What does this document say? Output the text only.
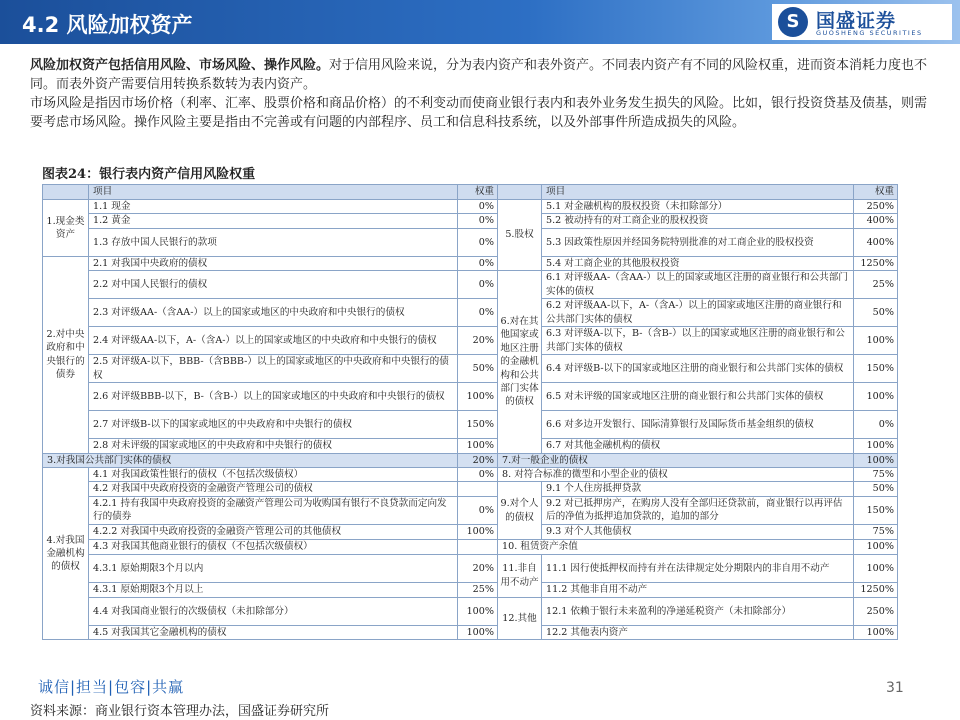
4.2 风险加权资产	S 国盛证券
GUOSHENG SECURITIES

风险加权资产包括信用风险、市场风险、操作风险。对于信用风险来说，分为表内资产和表外资产。不同表内资产有不同的风险权重，进而资本消耗力度也不同。而表外资产需要信用转换系数转为表内资产。

市场风险是指因市场价格（利率、汇率、股票价格和商品价格）的不利变动而使商业银行表内和表外业务发生损失的风险。比如，银行投资贷基及债基，则需要考虑市场风险。操作风险主要是指由不完善或有问题的内部程序、员工和信息科技系统，以及外部事件所造成损失的风险。

图表24：银行表内资产信用风险权重
	项目	权重		项目	权重
1.现金类资产	1.1 现金	0%	5.股权	5.1 对金融机构的股权投资（未扣除部分）	250%
	1.2 黄金	0%		5.2 被动持有的对工商企业的股权投资	400%
	1.3 存放中国人民银行的款项	0%		5.3 因政策性原因并经国务院特别批准的对工商企业的股权投资	400%
2.对中央政府和中央银行的债券	2.1 对我国中央政府的债权	0%		5.4 对工商企业的其他股权投资	1250%
	2.2 对中国人民银行的债权	0%	6.对在其他国家或地区注册的金融机构和公共部门实体的债权	6.1 对评级AA-（含AA-）以上的国家或地区注册的商业银行和公共部门实体的债权	25%
	2.3 对评级AA-（含AA-）以上的国家或地区的中央政府和中央银行的债权	0%		6.2 对评级AA-以下，A-（含A-）以上的国家或地区注册的商业银行和公共部门实体的债权	50%
	2.4 对评级AA-以下，A-（含A-）以上的国家或地区的中央政府和中央银行的债权	20%		6.3 对评级A-以下，B-（含B-）以上的国家或地区注册的商业银行和公共部门实体的债权	100%
	2.5 对评级A-以下，BBB-（含BBB-）以上的国家或地区的中央政府和中央银行的债权	50%		6.4 对评级B-以下的国家或地区注册的商业银行和公共部门实体的债权	150%
	2.6 对评级BBB-以下，B-（含B-）以上的国家或地区的中央政府和中央银行的债权	100%		6.5 对未评级的国家或地区注册的商业银行和公共部门实体的债权	100%
	2.7 对评级B-以下的国家或地区的中央政府和中央银行的债权	150%		6.6 对多边开发银行、国际清算银行及国际货币基金组织的债权	0%
	2.8 对未评级的国家或地区的中央政府和中央银行的债权	100%		6.7 对其他金融机构的债权	100%
3.对我国公共部门实体的债权		20%	7.对一般企业的债权		100%
4.对我国金融机构的债权	4.1 对我国政策性银行的债权（不包括次级债权）	0%	8. 对符合标准的微型和小型企业的债权		75%
	4.2 对我国中央政府投资的金融资产管理公司的债权		9.对个人的债权	9.1 个人住房抵押贷款	50%
	4.2.1 持有我国中央政府投资的金融资产管理公司为收购国有银行不良贷款而定向发行的债券	0%		9.2 对已抵押房产，在购房人没有全部归还贷款前，商业银行以再评估后的净值为抵押追加贷款的，追加的部分	150%
	4.2.2 对我国中央政府投资的金融资产管理公司的其他债权	100%		9.3 对个人其他债权	75%
	4.3 对我国其他商业银行的债权（不包括次级债权）		10. 租赁资产余值		100%
	4.3.1 原始期限3个月以内	20%	11.非自用不动产	11.1 因行使抵押权而持有并在法律规定处分期限内的非自用不动产	100%
	4.3.1 原始期限3个月以上	25%		11.2 其他非自用不动产	1250%
	4.4 对我国商业银行的次级债权（未扣除部分）	100%	12.其他	12.1 依赖于银行未来盈利的净递延税资产（未扣除部分）	250%
	4.5 对我国其它金融机构的债权	100%		12.2 其他表内资产	100%
诚信|担当|包容|共赢	31
资料来源：商业银行资本管理办法，国盛证券研究所
